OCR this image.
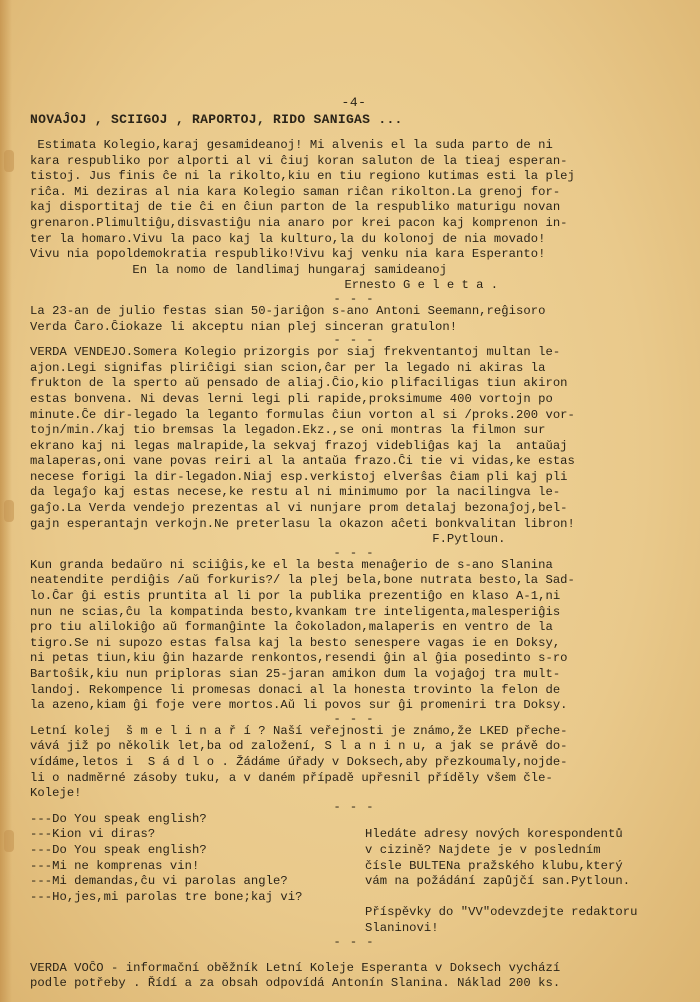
-4-
NOVAĴOJ , SCIIGOJ , RAPORTOJ, RIDO SANIGAS ...
Estimata Kolegio,karaj gesamideanoj! Mi alvenis el la suda parto de ni
kara respubliko por alporti al vi ĉiuj koran saluton de la tieaj esperan-
tistoj. Jus finis ĉe ni la rikolto,kiu en tiu regiono kutimas esti la plej
riĉa. Mi deziras al nia kara Kolegio saman riĉan rikolton.La grenoj for-
kaj disportitaj de tie ĉi en ĉiun parton de la respubliko maturigu novan
grenaron.Plimultiĝu,disvastiĝu nia anaro por krei pacon kaj komprenon in-
ter la homaro.Vivu la paco kaj la kulturo,la du kolonoj de nia movado!
Vivu nia popoldemokratia respubliko!Vivu kaj venku nia kara Esperanto!
En la nomo de landlimaj hungaraj samideanoj
Ernesto G e l e t a .
- - -
La 23-an de julio festas sian 50-jariĝon s-ano Antoni Seemann,reĝisoro
Verda Ĉaro.Ĉiokaze li akceptu nian plej sinceran gratulon!
- - -
VERDA VENDEJO.Somera Kolegio prizorgis por siaj frekventantoj multan le-
ajon.Legi signifas pliriĉigi sian scion,ĉar per la legado ni akiras la
frukton de la sperto aŭ pensado de aliaj.Ĉio,kio plifaciligas tiun akiron
estas bonvena. Ni devas lerni legi pli rapide,proksimume 400 vortojn po
minute.Ĉe dir-legado la leganto formulas ĉiun vorton al si /proks.200 vor-
tojn/min./kaj tio bremsas la legadon.Ekz.,se oni montras la filmon sur
ekrano kaj ni legas malrapide,la sekvaj frazoj videbliĝas kaj la  antaŭaj
malaperas,oni vane povas reiri al la antaŭa frazo.Ĉi tie vi vidas,ke estas
necese forigi la dir-legadon.Niaj esp.verkistoj elverŝas ĉiam pli kaj pli
da legaĵo kaj estas necese,ke restu al ni minimumo por la nacilingva le-
gaĵo.La Verda vendejo prezentas al vi nunjare prom detalaj bezonaĵoj,bel-
gajn esperantajn verkojn.Ne preterlasu la okazon aĉeti bonkvalitan libron!
F.Pytloun.
- - -
Kun granda bedaŭro ni sciiĝis,ke el la besta menaĝerio de s-ano Slanina
neatendite perdiĝis /aŭ forkuris?/ la plej bela,bone nutrata besto,la Sad-
lo.Ĉar ĝi estis pruntita al li por la publika prezentiĝo en klaso A-1,ni
nun ne scias,ĉu la kompatinda besto,kvankam tre inteligenta,malesperiĝis
pro tiu alilokiĝo aŭ formanĝinte la ĉokoladon,malaperis en ventro de la
tigro.Se ni supozo estas falsa kaj la besto senespere vagas ie en Doksy,
ni petas tiun,kiu ĝin hazarde renkontos,resendi ĝin al ĝia posedinto s-ro
Bartoŝik,kiu nun priploras sian 25-jaran amikon dum la vojaĝoj tra mult-
landoj. Rekompence li promesas donaci al la honesta trovinto la felon de
la azeno,kiam ĝi foje vere mortos.Aŭ li povos sur ĝi promeniri tra Doksy.
- - -
Letní kolej  š m e l i n a ř í ? Naší veřejnosti je známo,že LKED přeche-
vává již po několik let,ba od založení, S l a n i n u, a jak se právě do-
vídáme,letos i  S á d l o . Žádáme úřady v Doksech,aby přezkoumaly,nojde-
li o nadměrné zásoby tuku, a v daném případě upřesnil příděly všem čle-
Koleje!
- - -
---Do You speak english?
---Kion vi diras?
---Do You speak english?
---Mi ne komprenas vin!
---Mi demandas,ĉu vi parolas angle?
---Ho,jes,mi parolas tre bone;kaj vi?

Hledáte adresy nových korespondentů
v cizině? Najdete je v posledním
čísle BULTENa pražského klubu,který
vám na požádání zapůjčí san.Pytloun.

Příspěvky do "VV"odevzdejte redaktoru
Slaninovi!
- - -
VERDA VOĈO - informační oběžník Letní Koleje Esperanta v Doksech vychází
podle potřeby . Řídí a za obsah odpovídá Antonín Slanina. Náklad 200 ks.
